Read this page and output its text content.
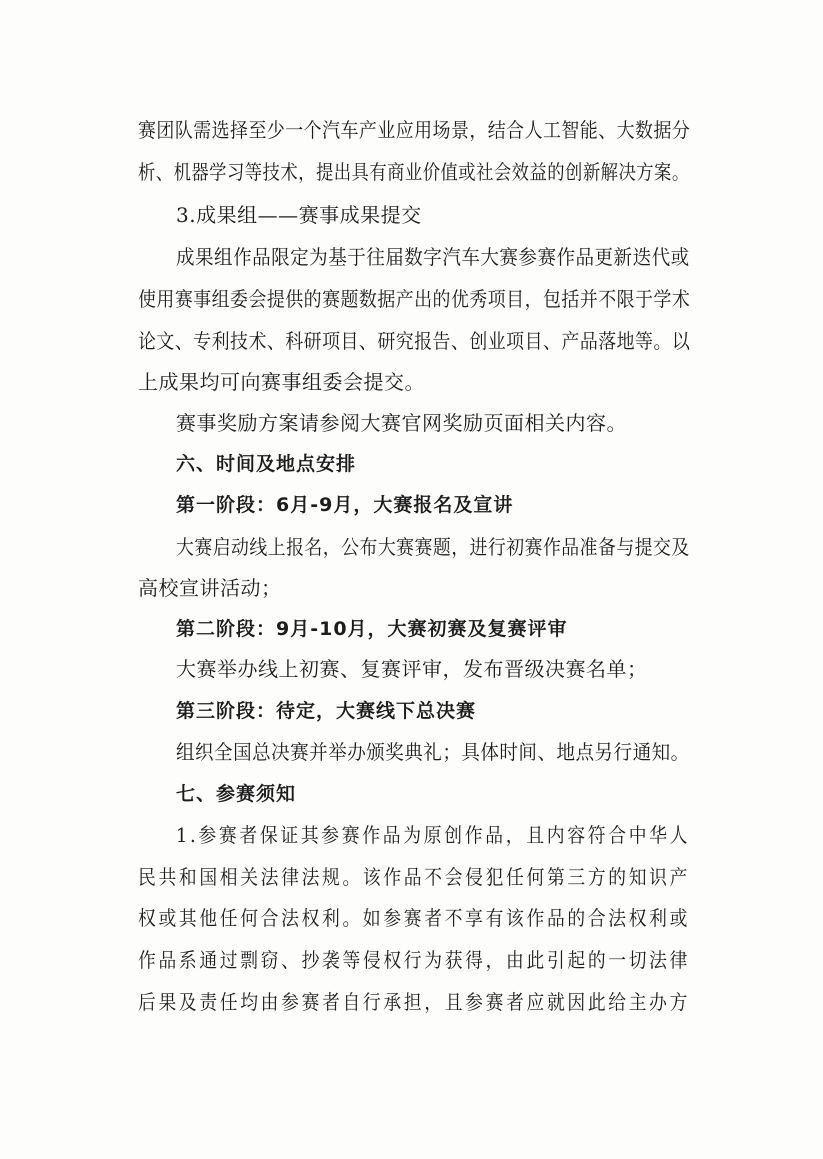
赛团队需选择至少一个汽车产业应用场景，结合人工智能、大数据分
析、机器学习等技术，提出具有商业价值或社会效益的创新解决方案。
3.成果组——赛事成果提交
成果组作品限定为基于往届数字汽车大赛参赛作品更新迭代或
使用赛事组委会提供的赛题数据产出的优秀项目，包括并不限于学术
论文、专利技术、科研项目、研究报告、创业项目、产品落地等。以
上成果均可向赛事组委会提交。
赛事奖励方案请参阅大赛官网奖励页面相关内容。
六、时间及地点安排
第一阶段：6月-9月，大赛报名及宣讲
大赛启动线上报名，公布大赛赛题，进行初赛作品准备与提交及
高校宣讲活动；
第二阶段：9月-10月，大赛初赛及复赛评审
大赛举办线上初赛、复赛评审，发布晋级决赛名单；
第三阶段：待定，大赛线下总决赛
组织全国总决赛并举办颁奖典礼；具体时间、地点另行通知。
七、参赛须知
1.参赛者保证其参赛作品为原创作品，且内容符合中华人
民共和国相关法律法规。该作品不会侵犯任何第三方的知识产
权或其他任何合法权利。如参赛者不享有该作品的合法权利或
作品系通过剽窃、抄袭等侵权行为获得，由此引起的一切法律
后果及责任均由参赛者自行承担，且参赛者应就因此给主办方
